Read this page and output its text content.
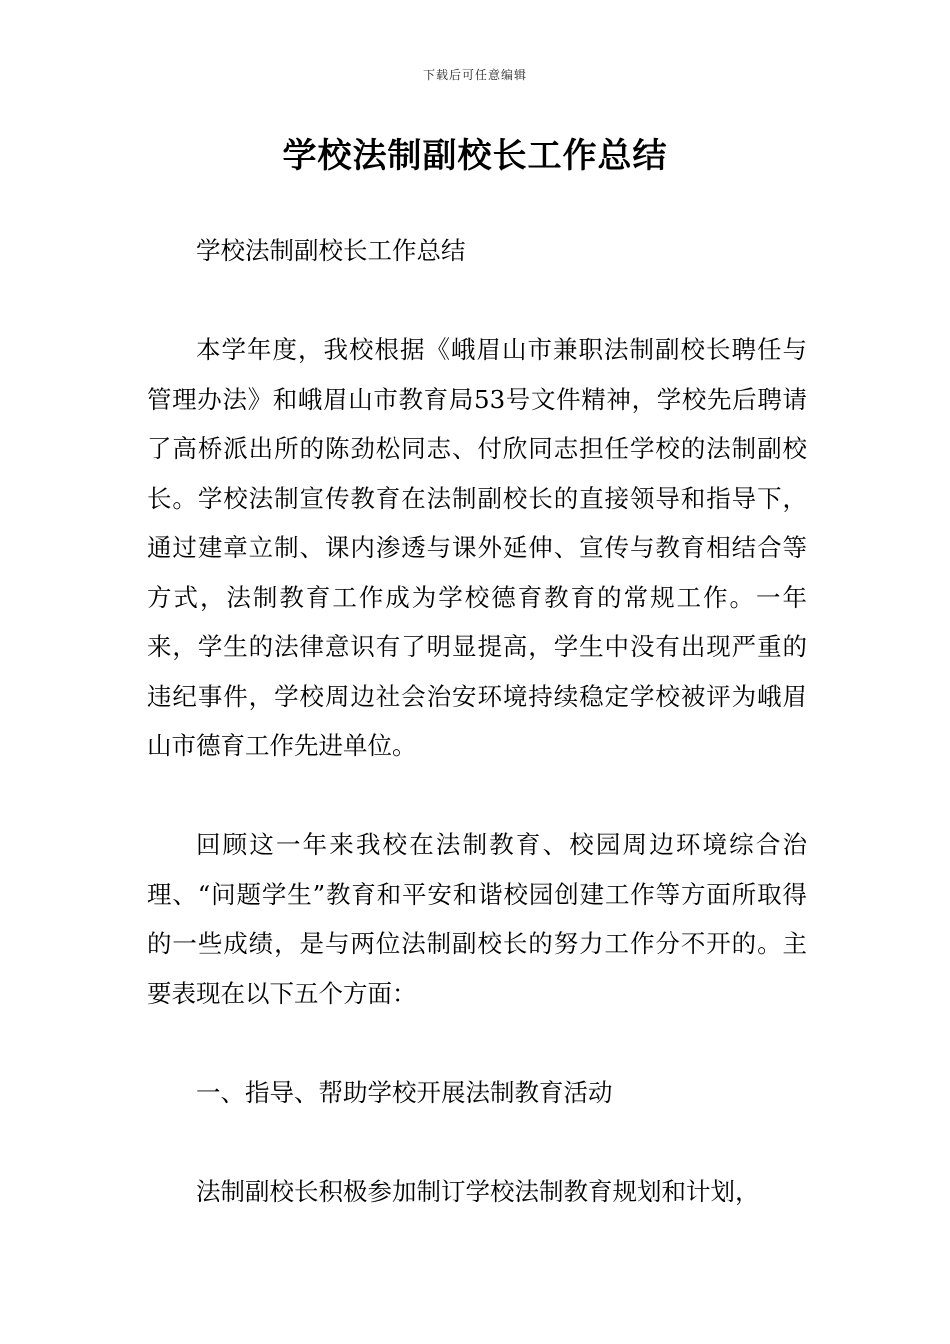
下载后可任意编辑
学校法制副校长工作总结

学校法制副校长工作总结

本学年度，我校根据《峨眉山市兼职法制副校长聘任与管理办法》和峨眉山市教育局53号文件精神，学校先后聘请了高桥派出所的陈劲松同志、付欣同志担任学校的法制副校长。学校法制宣传教育在法制副校长的直接领导和指导下，通过建章立制、课内渗透与课外延伸、宣传与教育相结合等方式，法制教育工作成为学校德育教育的常规工作。一年来，学生的法律意识有了明显提高，学生中没有出现严重的违纪事件，学校周边社会治安环境持续稳定学校被评为峨眉山市德育工作先进单位。

回顾这一年来我校在法制教育、校园周边环境综合治理、“问题学生”教育和平安和谐校园创建工作等方面所取得的一些成绩，是与两位法制副校长的努力工作分不开的。主要表现在以下五个方面：

一、指导、帮助学校开展法制教育活动

法制副校长积极参加制订学校法制教育规划和计划，
